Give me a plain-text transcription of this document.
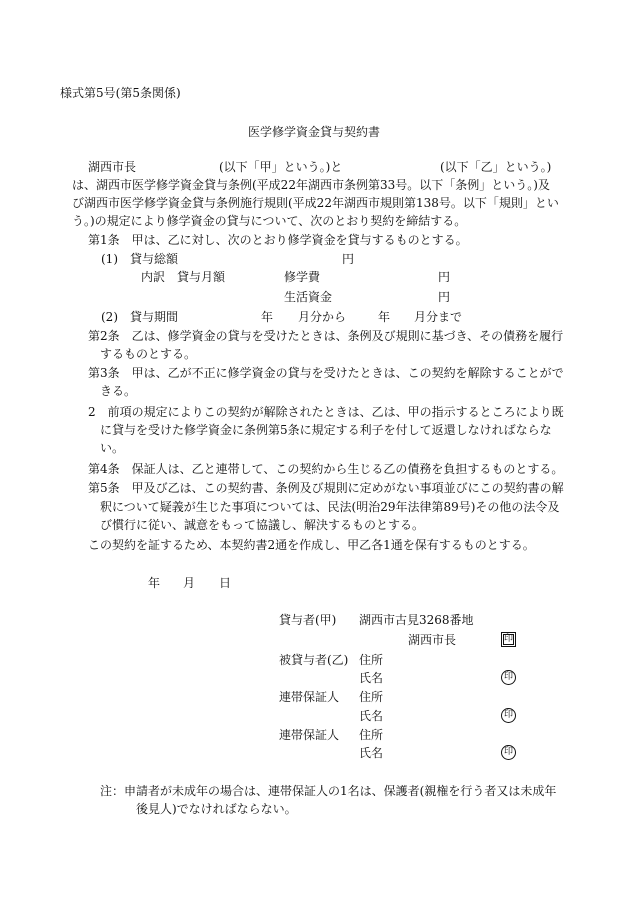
様式第5号(第5条関係)
医学修学資金貸与契約書
湖西市長	(以下「甲」という。)と	(以下「乙」という。)
は、湖西市医学修学資金貸与条例(平成22年湖西市条例第33号。以下「条例」という。)及
び湖西市医学修学資金貸与条例施行規則(平成22年湖西市規則第138号。以下「規則」とい
う。)の規定により修学資金の貸与について、次のとおり契約を締結する。
第1条　甲は、乙に対し、次のとおり修学資金を貸与するものとする。
(1) 貸与総額	円
内訳　貸与月額	修学費	円
生活資金	円
(2) 貸与期間	年 月分から	年 月分まで
第2条　乙は、修学資金の貸与を受けたときは、条例及び規則に基づき、その債務を履行
するものとする。
第3条　甲は、乙が不正に修学資金の貸与を受けたときは、この契約を解除することがで
きる。
2　前項の規定によりこの契約が解除されたときは、乙は、甲の指示するところにより既
に貸与を受けた修学資金に条例第5条に規定する利子を付して返還しなければならな
い。
第4条　保証人は、乙と連帯して、この契約から生じる乙の債務を負担するものとする。
第5条　甲及び乙は、この契約書、条例及び規則に定めがない事項並びにこの契約書の解
釈について疑義が生じた事項については、民法(明治29年法律第89号)その他の法令及
び慣行に従い、誠意をもって協議し、解決するものとする。
この契約を証するため、本契約書2通を作成し、甲乙各1通を保有するものとする。
年 月 日
貸与者(甲) 湖西市古見3268番地
湖西市長	印
被貸与者(乙) 住所
氏名	印
連帯保証人 住所
氏名	印
連帯保証人 住所
氏名	印
注：申請者が未成年の場合は、連帯保証人の1名は、保護者(親権を行う者又は未成年
後見人)でなければならない。
